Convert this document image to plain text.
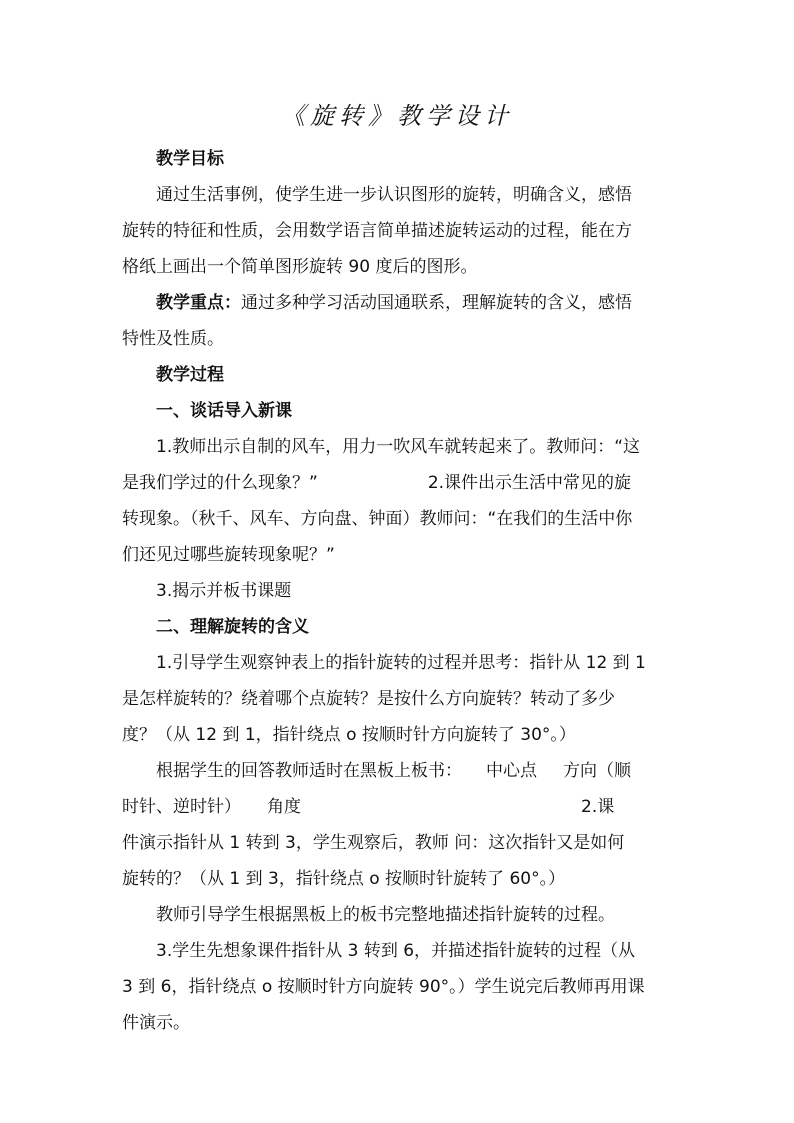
《旋转》教学设计
教学目标
通过生活事例，使学生进一步认识图形的旋转，明确含义，感悟
旋转的特征和性质，会用数学语言简单描述旋转运动的过程，能在方
格纸上画出一个简单图形旋转 90 度后的图形。
教学重点：通过多种学习活动国通联系，理解旋转的含义，感悟
特性及性质。
教学过程
一、谈话导入新课
1.教师出示自制的风车，用力一吹风车就转起来了。教师问：“这
是我们学过的什么现象？”	2.课件出示生活中常见的旋
转现象。（秋千、风车、方向盘、钟面）教师问：“在我们的生活中你
们还见过哪些旋转现象呢？”
3.揭示并板书课题
二、理解旋转的含义
1.引导学生观察钟表上的指针旋转的过程并思考：指针从 12 到 1
是怎样旋转的？绕着哪个点旋转？是按什么方向旋转？转动了多少
度？（从 12 到 1，指针绕点 o 按顺时针方向旋转了 30°。）
根据学生的回答教师适时在黑板上板书： 中心点 方向（顺
时针、逆时针） 角度	2.课
件演示指针从 1 转到 3，学生观察后，教师 问：这次指针又是如何
旋转的？（从 1 到 3，指针绕点 o 按顺时针旋转了 60°。）
教师引导学生根据黑板上的板书完整地描述指针旋转的过程。
3.学生先想象课件指针从 3 转到 6，并描述指针旋转的过程（从
3 到 6，指针绕点 o 按顺时针方向旋转 90°。）学生说完后教师再用课
件演示。
